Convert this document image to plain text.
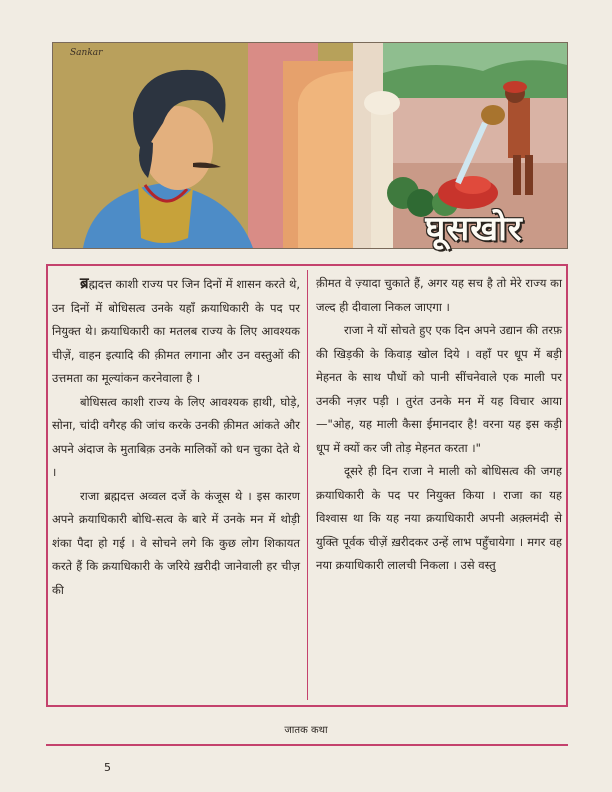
Sankar
घूसखोर

ब्रह्मदत्त काशी राज्य पर जिन दिनों में शासन करते थे, उन दिनों में बोधिसत्व उनके यहाँ क्रयाधिकारी के पद पर नियुक्त थे। क्रयाधिकारी का मतलब राज्य के लिए आवश्यक चीज़ें, वाहन इत्यादि की क़ीमत लगाना और उन वस्तुओं की उत्तमता का मूल्यांकन करनेवाला है ।

बोधिसत्व काशी राज्य के लिए आवश्यक हाथी, घोड़े, सोना, चांदी वगैरह की जांच करके उनकी क़ीमत आंकते और अपने अंदाज के मुताबिक़ उनके मालिकों को धन चुका देते थे ।

राजा ब्रह्मदत्त अव्वल दर्जे के कंजूस थे । इस कारण अपने क्रयाधिकारी बोधि-सत्व के बारे में उनके मन में थोड़ी शंका पैदा हो गई । वे सोचने लगे कि कुछ लोग शिकायत करते हैं कि क्रयाधिकारी के जरिये ख़रीदी जानेवाली हर चीज़ की

क़ीमत वे ज़्यादा चुकाते हैं, अगर यह सच है तो मेरे राज्य का जल्द ही दीवाला निकल जाएगा ।

राजा ने यों सोचते हुए एक दिन अपने उद्यान की तरफ़ की खिड़की के किवाड़ खोल दिये । वहाँ पर धूप में बड़ी मेहनत के साथ पौधों को पानी सींचनेवाले एक माली पर उनकी नज़र पड़ी । तुरंत उनके मन में यह विचार आया—"ओह, यह माली कैसा ईमानदार है! वरना यह इस कड़ी धूप में क्यों कर जी तोड़ मेहनत करता ।"

दूसरे ही दिन राजा ने माली को बोधिसत्व की जगह क्रयाधिकारी के पद पर नियुक्त किया । राजा का यह विश्वास था कि यह नया क्रयाधिकारी अपनी अक़्लमंदी से युक्ति पूर्वक चीज़ें ख़रीदकर उन्हें लाभ पहुँचायेगा । मगर वह नया क्रयाधिकारी लालची निकला । उसे वस्तु

जातक कथा
5
